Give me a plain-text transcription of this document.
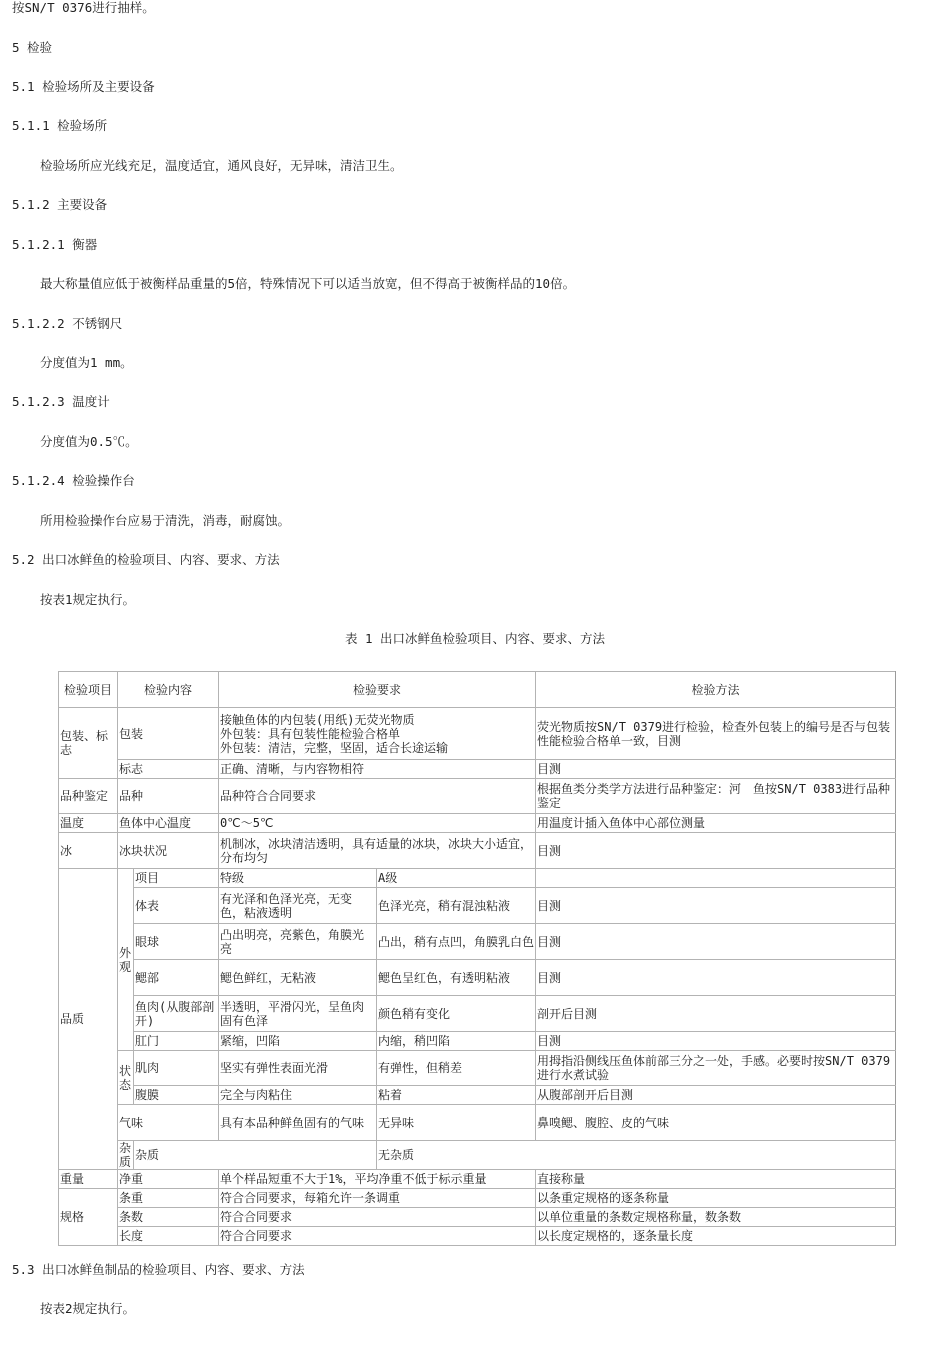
按SN/T 0376进行抽样。
5 检验
5.1 检验场所及主要设备
5.1.1 检验场所
检验场所应光线充足，温度适宜，通风良好，无异味，清洁卫生。
5.1.2 主要设备
5.1.2.1 衡器
最大称量值应低于被衡样品重量的5倍，特殊情况下可以适当放宽，但不得高于被衡样品的10倍。
5.1.2.2 不锈钢尺
分度值为1 mm。
5.1.2.3 温度计
分度值为0.5℃。
5.1.2.4 检验操作台
所用检验操作台应易于清洗，消毒，耐腐蚀。
5.2 出口冰鲜鱼的检验项目、内容、要求、方法
按表1规定执行。
表 1 出口冰鲜鱼检验项目、内容、要求、方法
检验项目	检验内容		检验要求		检验方法	
包装、标志	包装		接触鱼体的内包装(用纸)无荧光物质
外包装：具有包装性能检验合格单
外包装：清洁，完整，坚固，适合长途运输		荧光物质按SN/T 0379进行检验，检查外包装上的编号是否与包装性能检验合格单一致，目测	
	标志		正确、清晰，与内容物相符		目测	
品种鉴定	品种		品种符合合同要求		根据鱼类分类学方法进行品种鉴定：河　鱼按SN/T 0383进行品种鉴定	
温度	鱼体中心温度		0℃～5℃		用温度计插入鱼体中心部位测量	
冰	冰块状况		机制冰，冰块清洁透明，具有适量的冰块，冰块大小适宜，分布均匀		目测	
品质	外观	项目	特级	A级		
		体表	有光泽和色泽光亮，无变色，粘液透明	色泽光亮，稍有混浊粘液	目测	
		眼球	凸出明亮，亮紫色，角膜光亮	凸出，稍有点凹，角膜乳白色	目测	
		鳃部	鳃色鲜红，无粘液	鳃色呈红色，有透明粘液	目测	
		鱼肉(从腹部剖开)	半透明，平滑闪光，呈鱼肉固有色泽	颜色稍有变化	剖开后目测	
		肛门	紧缩，凹陷	内缩，稍凹陷	目测	

	状态	肌肉	坚实有弹性表面光滑	有弹性，但稍差	用拇指沿侧线压鱼体前部三分之一处，手感。必要时按SN/T 0379进行水煮试验	
		腹膜	完全与肉粘住	粘着	从腹部剖开后目测	
	气味		具有本品种鲜鱼固有的气味	无异味	鼻嗅鳃、腹腔、皮的气味	
	杂质	杂质		无杂质	
重量	净重		单个样品短重不大于1%，平均净重不低于标示重量		直接称量	
规格	条重		符合合同要求，每箱允许一条调重		以条重定规格的逐条称量	
	条数		符合合同要求		以单位重量的条数定规格称量，数条数	
	长度		符合合同要求		以长度定规格的，逐条量长度	
5.3 出口冰鲜鱼制品的检验项目、内容、要求、方法
按表2规定执行。
